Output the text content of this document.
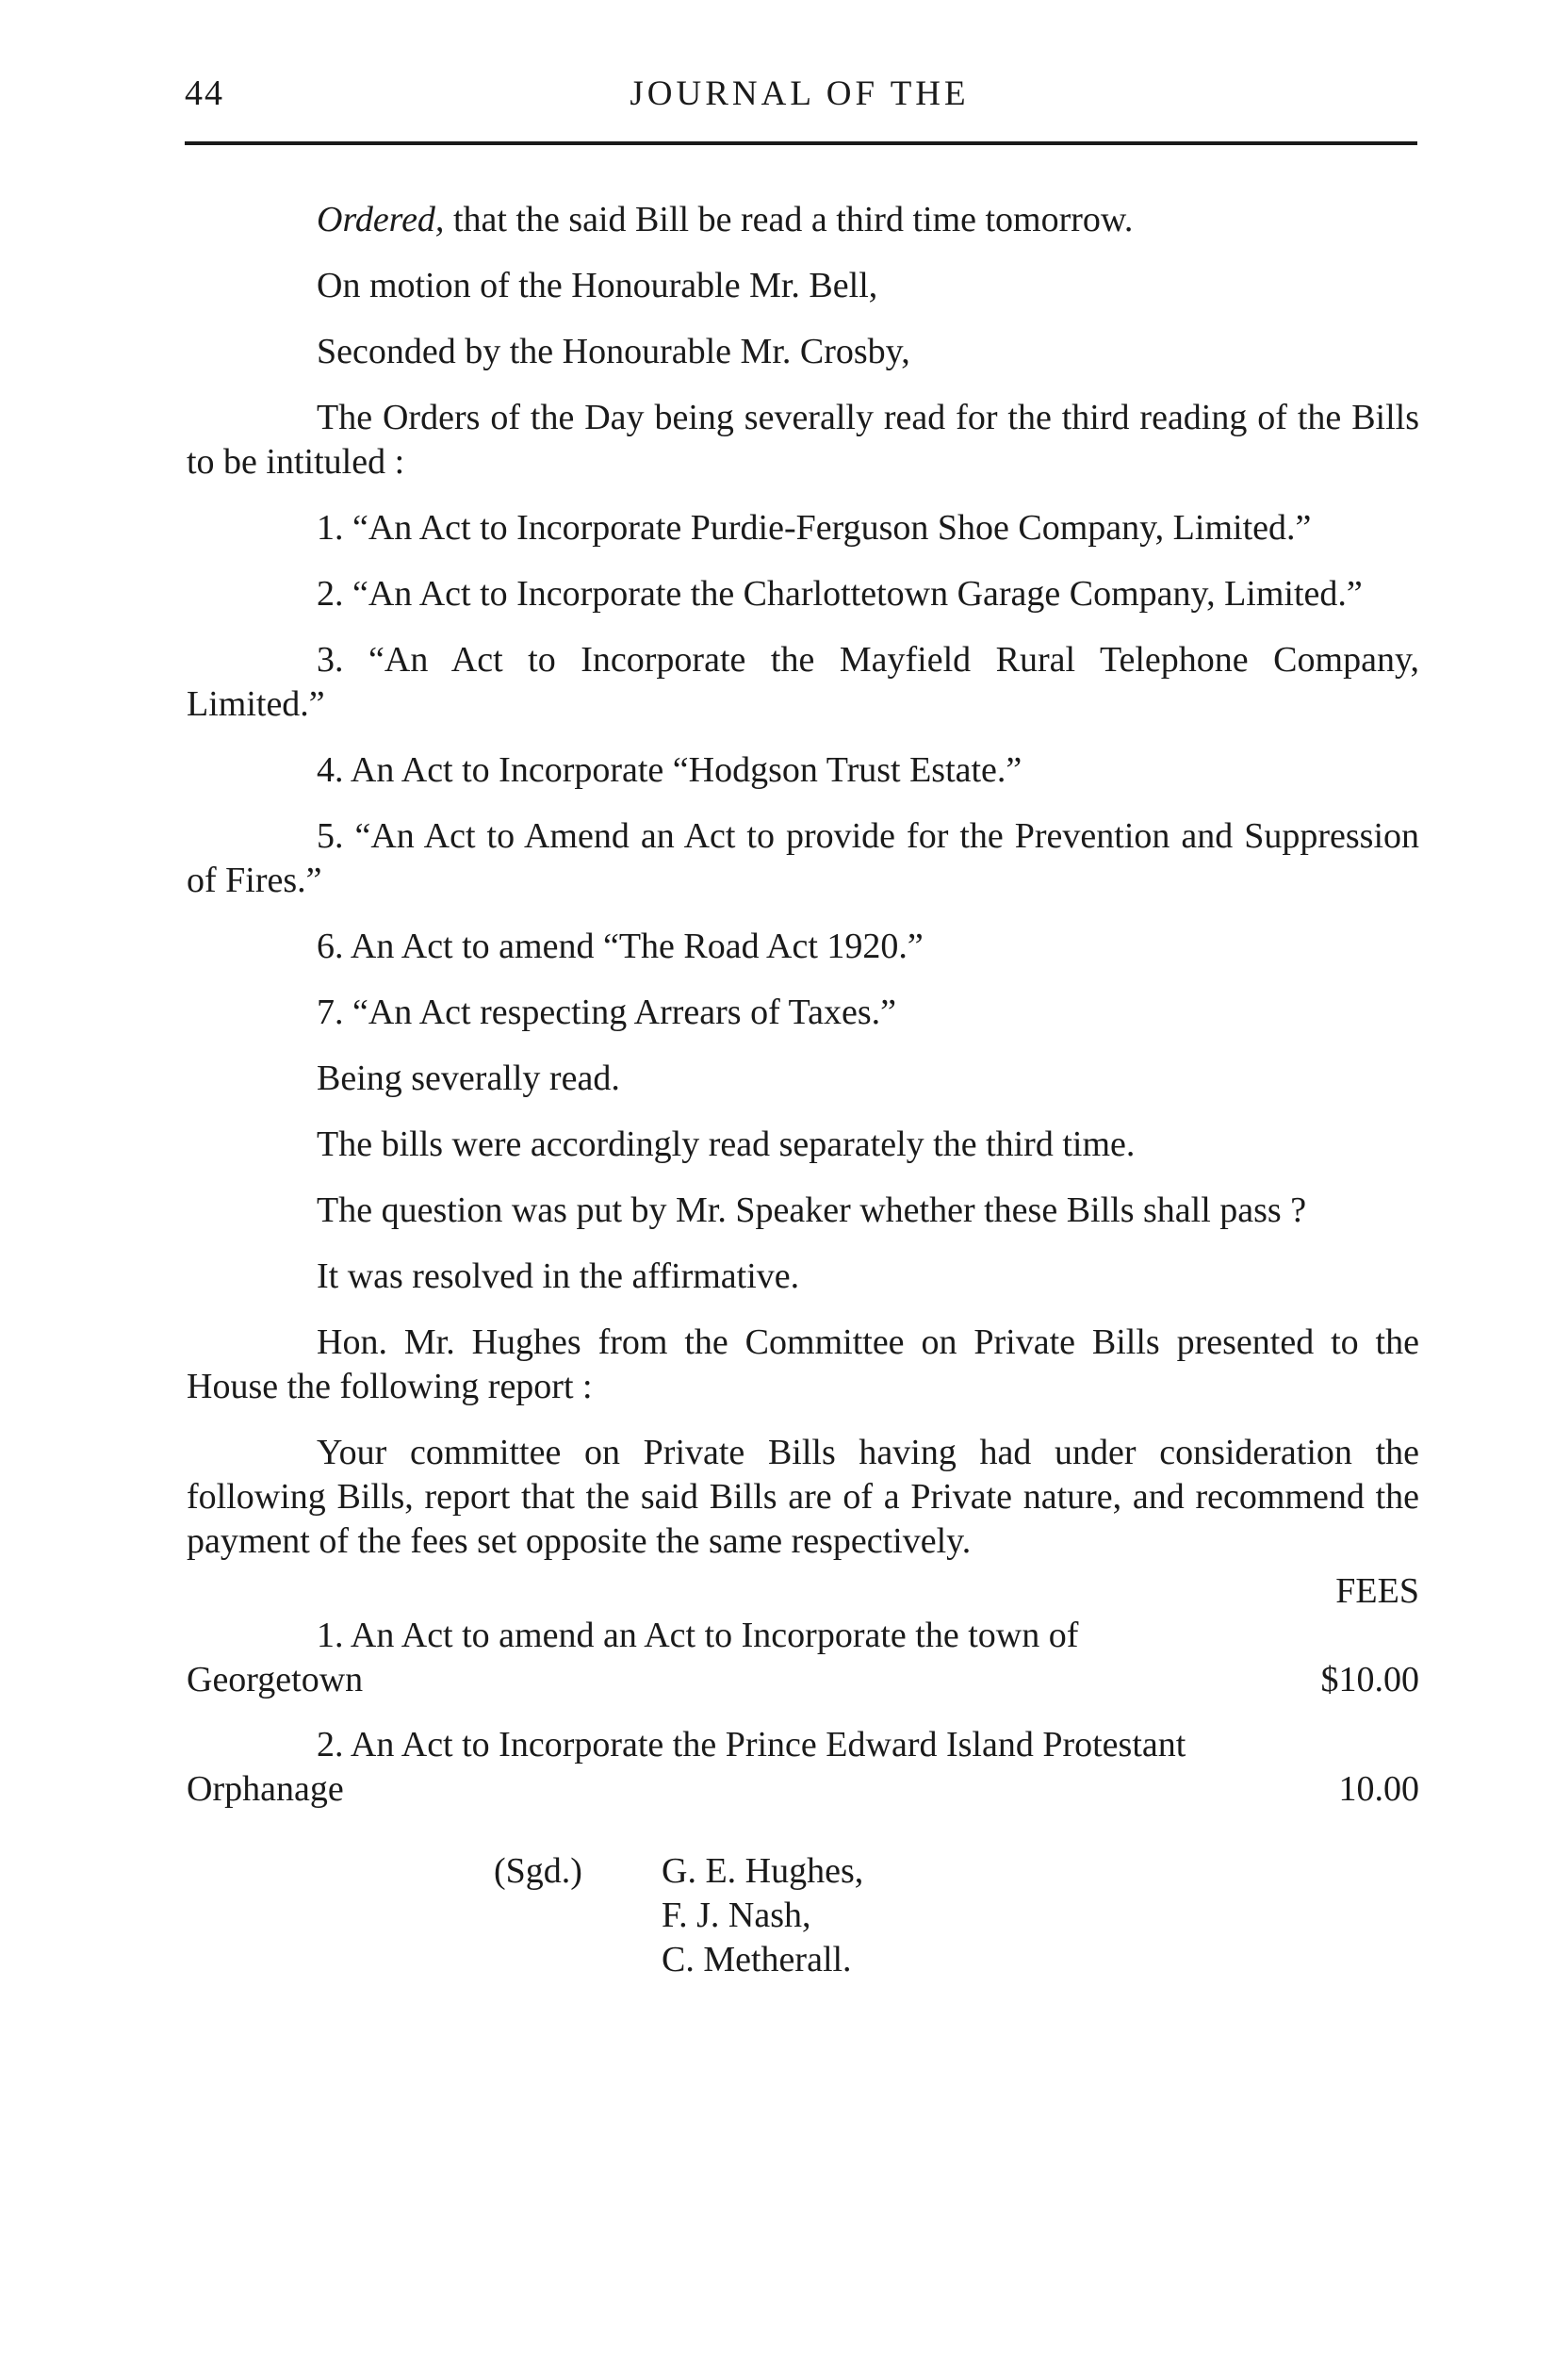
44	JOURNAL OF THE

Ordered, that the said Bill be read a third time tomorrow.

On motion of the Honourable Mr. Bell,

Seconded by the Honourable Mr. Crosby,

The Orders of the Day being severally read for the third reading of the Bills to be intituled :

1. “An Act to Incorporate Purdie-Ferguson Shoe Company, Limited.”

2. “An Act to Incorporate the Charlottetown Garage Company, Limited.”

3. “An Act to Incorporate the Mayfield Rural Telephone Company, Limited.”

4. An Act to Incorporate “Hodgson Trust Estate.”

5. “An Act to Amend an Act to provide for the Prevention and Suppression of Fires.”

6. An Act to amend “The Road Act 1920.”

7. “An Act respecting Arrears of Taxes.”

Being severally read.

The bills were accordingly read separately the third time.

The question was put by Mr. Speaker whether these Bills shall pass ?

It was resolved in the affirmative.

Hon. Mr. Hughes from the Committee on Private Bills presented to the House the following report :

Your committee on Private Bills having had under consideration the following Bills, report that the said Bills are of a Private nature, and recommend the payment of the fees set opposite the same respectively.

FEES
1. An Act to amend an Act to Incorporate the town of Georgetown	$10.00
2. An Act to Incorporate the Prince Edward Island Protestant Orphanage	10.00
(Sgd.)	G. E. Hughes,
F. J. Nash,
C. Metherall.
